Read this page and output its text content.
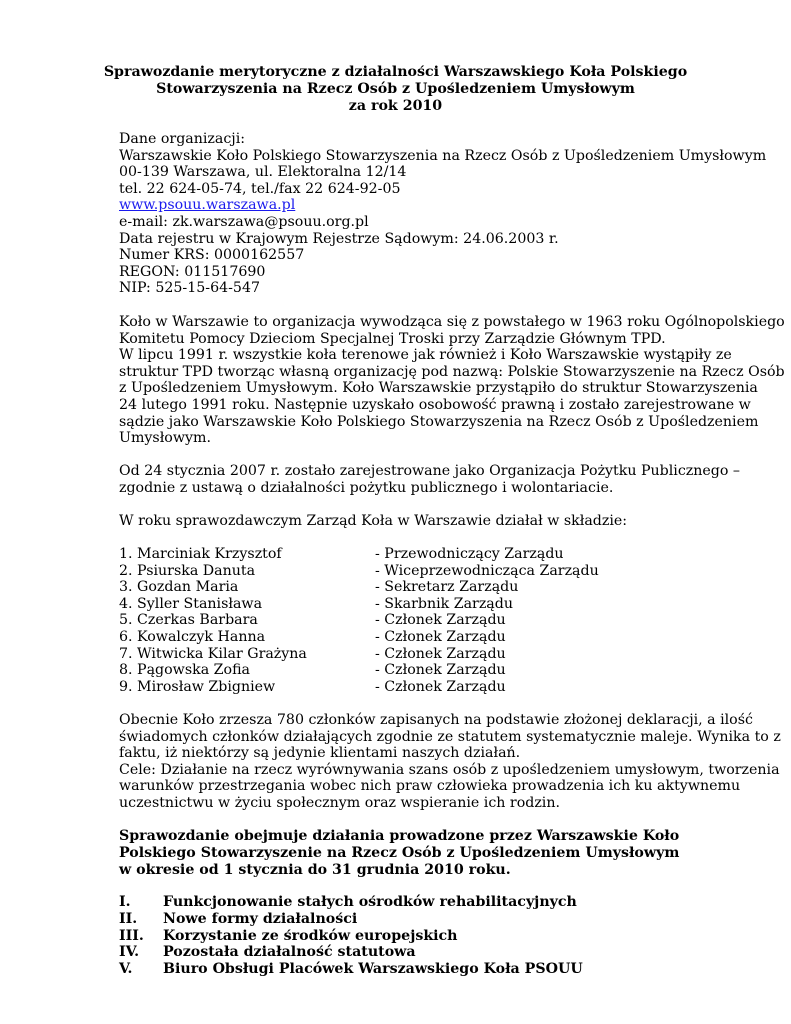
Sprawozdanie merytoryczne z działalności Warszawskiego Koła Polskiego
Stowarzyszenia na Rzecz Osób z Upośledzeniem Umysłowym
za rok 2010
Dane organizacji:
Warszawskie Koło Polskiego Stowarzyszenia na Rzecz Osób z Upośledzeniem Umysłowym
00-139 Warszawa, ul. Elektoralna 12/14
tel. 22 624-05-74, tel./fax 22 624-92-05
www.psouu.warszawa.pl
e-mail: zk.warszawa@psouu.org.pl
Data rejestru w Krajowym Rejestrze Sądowym: 24.06.2003 r.
Numer KRS: 0000162557
REGON: 011517690
NIP: 525-15-64-547
Koło w Warszawie to organizacja wywodząca się z powstałego w 1963 roku Ogólnopolskiego
Komitetu Pomocy Dzieciom Specjalnej Troski przy Zarządzie Głównym TPD.
W lipcu 1991 r. wszystkie koła terenowe jak również i Koło Warszawskie wystąpiły ze
struktur TPD tworząc własną organizację pod nazwą: Polskie Stowarzyszenie na Rzecz Osób
z Upośledzeniem Umysłowym. Koło Warszawskie przystąpiło do struktur Stowarzyszenia
24 lutego 1991 roku. Następnie uzyskało osobowość prawną i zostało zarejestrowane w
sądzie jako Warszawskie Koło Polskiego Stowarzyszenia na Rzecz Osób z Upośledzeniem
Umysłowym.
Od 24 stycznia 2007 r. zostało zarejestrowane jako Organizacja Pożytku Publicznego –
zgodnie z ustawą o działalności pożytku publicznego i wolontariacie.
W roku sprawozdawczym Zarząd Koła w Warszawie działał w składzie:
1. Marciniak Krzysztof	- Przewodniczący Zarządu
2. Psiurska Danuta	- Wiceprzewodnicząca Zarządu
3. Gozdan Maria	- Sekretarz Zarządu
4. Syller Stanisława	- Skarbnik Zarządu
5. Czerkas Barbara	- Członek Zarządu
6. Kowalczyk Hanna	- Członek Zarządu
7. Witwicka Kilar Grażyna	- Członek Zarządu
8. Pągowska Zofia	- Członek Zarządu
9. Mirosław Zbigniew	- Członek Zarządu
Obecnie Koło zrzesza 780 członków zapisanych na podstawie złożonej deklaracji, a ilość
świadomych członków działających zgodnie ze statutem systematycznie maleje. Wynika to z
faktu, iż niektórzy są jedynie klientami naszych działań.
Cele: Działanie na rzecz wyrównywania szans osób z upośledzeniem umysłowym, tworzenia
warunków przestrzegania wobec nich praw człowieka prowadzenia ich ku aktywnemu
uczestnictwu w życiu społecznym oraz wspieranie ich rodzin.
Sprawozdanie obejmuje działania prowadzone przez Warszawskie Koło
Polskiego Stowarzyszenie na Rzecz Osób z Upośledzeniem Umysłowym
w okresie od 1 stycznia do 31 grudnia 2010 roku.
I. Funkcjonowanie stałych ośrodków rehabilitacyjnych
II. Nowe formy działalności
III. Korzystanie ze środków europejskich
IV. Pozostała działalność statutowa
V. Biuro Obsługi Placówek Warszawskiego Koła PSOUU
